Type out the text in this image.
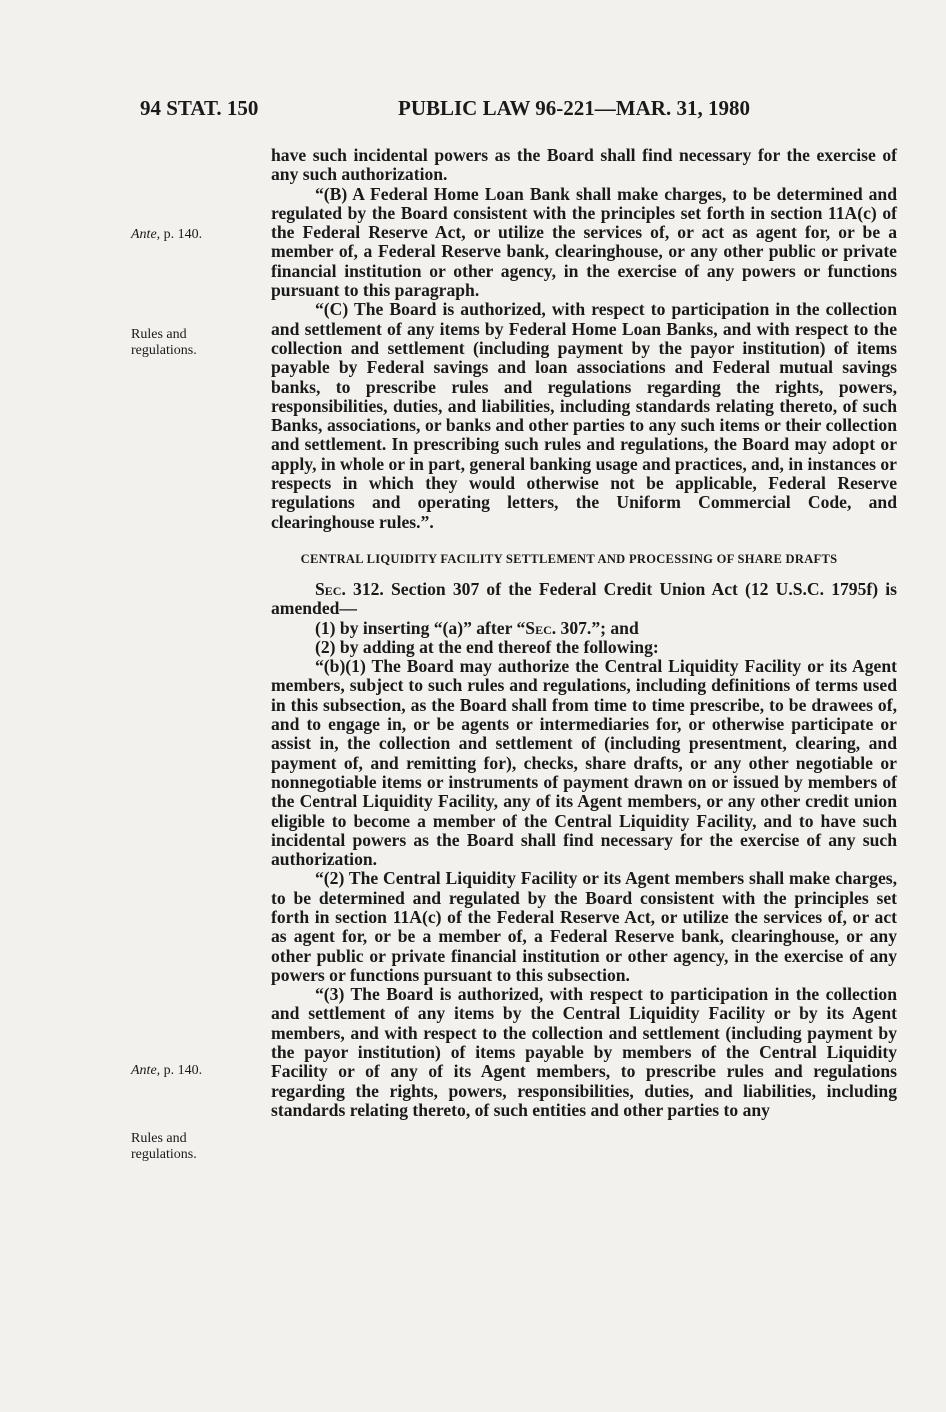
94 STAT. 150	PUBLIC LAW 96-221—MAR. 31, 1980
Ante, p. 140.
Rules and
regulations.
Ante, p. 140.
Rules and
regulations.

have such incidental powers as the Board shall find necessary for the exercise of any such authorization.

“(B) A Federal Home Loan Bank shall make charges, to be determined and regulated by the Board consistent with the principles set forth in section 11A(c) of the Federal Reserve Act, or utilize the services of, or act as agent for, or be a member of, a Federal Reserve bank, clearinghouse, or any other public or private financial institution or other agency, in the exercise of any powers or functions pursuant to this paragraph.

“(C) The Board is authorized, with respect to participation in the collection and settlement of any items by Federal Home Loan Banks, and with respect to the collection and settlement (including payment by the payor institution) of items payable by Federal savings and loan associations and Federal mutual savings banks, to prescribe rules and regulations regarding the rights, powers, responsibilities, duties, and liabilities, including standards relating thereto, of such Banks, associations, or banks and other parties to any such items or their collection and settlement. In prescribing such rules and regulations, the Board may adopt or apply, in whole or in part, general banking usage and practices, and, in instances or respects in which they would otherwise not be applicable, Federal Reserve regulations and operating letters, the Uniform Commercial Code, and clearinghouse rules.”.

CENTRAL LIQUIDITY FACILITY SETTLEMENT AND PROCESSING OF SHARE DRAFTS

Sec. 312. Section 307 of the Federal Credit Union Act (12 U.S.C. 1795f) is amended—

(1) by inserting “(a)” after “Sec. 307.”; and

(2) by adding at the end thereof the following:

“(b)(1) The Board may authorize the Central Liquidity Facility or its Agent members, subject to such rules and regulations, including definitions of terms used in this subsection, as the Board shall from time to time prescribe, to be drawees of, and to engage in, or be agents or intermediaries for, or otherwise participate or assist in, the collection and settlement of (including presentment, clearing, and payment of, and remitting for), checks, share drafts, or any other negotiable or nonnegotiable items or instruments of payment drawn on or issued by members of the Central Liquidity Facility, any of its Agent members, or any other credit union eligible to become a member of the Central Liquidity Facility, and to have such incidental powers as the Board shall find necessary for the exercise of any such authorization.

“(2) The Central Liquidity Facility or its Agent members shall make charges, to be determined and regulated by the Board consistent with the principles set forth in section 11A(c) of the Federal Reserve Act, or utilize the services of, or act as agent for, or be a member of, a Federal Reserve bank, clearinghouse, or any other public or private financial institution or other agency, in the exercise of any powers or functions pursuant to this subsection.

“(3) The Board is authorized, with respect to participation in the collection and settlement of any items by the Central Liquidity Facility or by its Agent members, and with respect to the collection and settlement (including payment by the payor institution) of items payable by members of the Central Liquidity Facility or of any of its Agent members, to prescribe rules and regulations regarding the rights, powers, responsibilities, duties, and liabilities, including standards relating thereto, of such entities and other parties to any
